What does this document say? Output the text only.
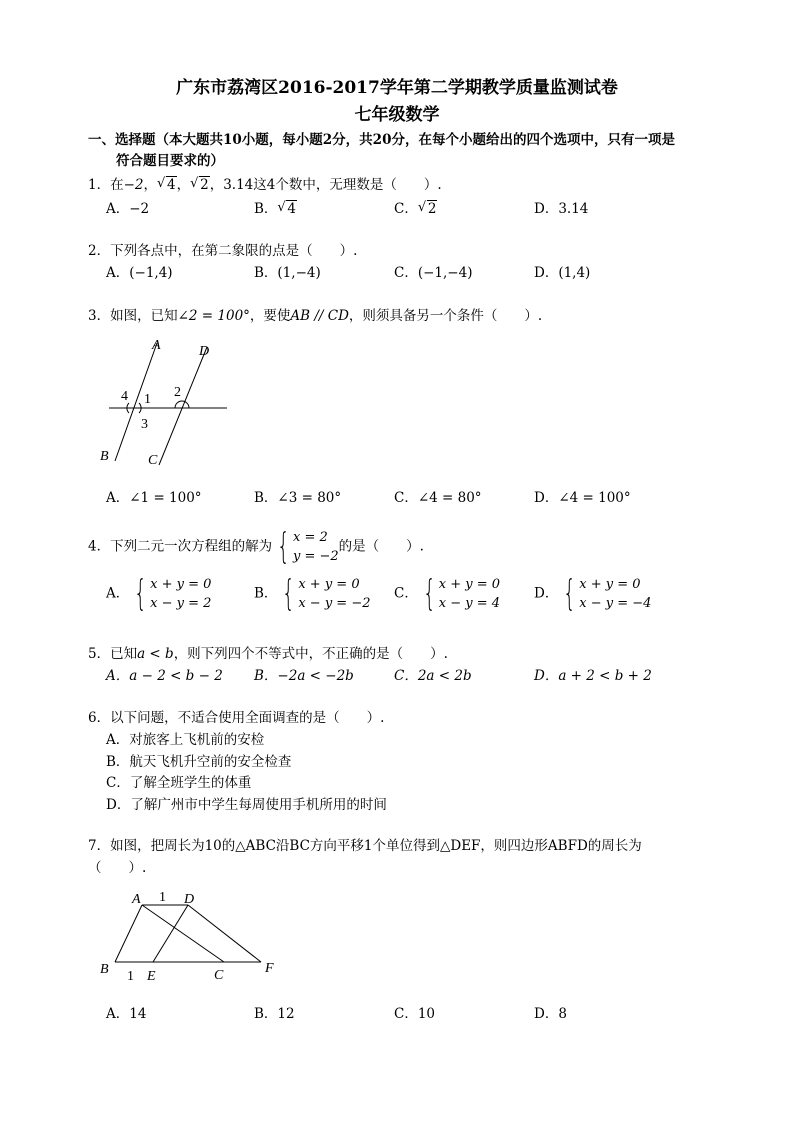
广东市荔湾区2016-2017学年第二学期教学质量监测试卷
七年级数学
一、选择题（本大题共10小题，每小题2分，共20分，在每个小题给出的四个选项中，只有一项是
符合题目要求的）
1．在−2， √ 4， √ 2，3.14这4个数中，无理数是（　　）.
A．−2	B． √ 4	C． √ 2	D．3.14
2．下列各点中，在第二象限的点是（　　）.
A．(−1,4)	B．(1,−4)	C．(−1,−4)	D．(1,4)
3．如图，已知∠2 = 100°，要使AB // CD，则须具备另一个条件（　　）.
A	D
B	C
4 1 2
3
A．∠1 = 100°	B．∠3 = 80°	C．∠4 = 80°	D．∠4 = 100°
4．下列二元一次方程组的解为 { x = 2
y = −2
的是（　　）.
A． { x + y = 0
x − y = 2
B． { x + y = 0
x − y = −2
C． { x + y = 0
x − y = 4
D． { x + y = 0
x − y = −4
5．已知a < b，则下列四个不等式中，不正确的是（　　）.
A．a − 2 < b − 2 B．−2a < −2b	C．2a < 2b	D．a + 2 < b + 2
6．以下问题，不适合使用全面调查的是（　　）.
A．对旅客上飞机前的安检
B．航天飞机升空前的安全检查
C．了解全班学生的体重
D．了解广州市中学生每周使用手机所用的时间
7．如图，把周长为10的△ABC沿BC方向平移1个单位得到△DEF，则四边形ABFD的周长为
（　　）.
A 1 D
B 1 E	C	F
A．14	B．12	C．10	D．8
